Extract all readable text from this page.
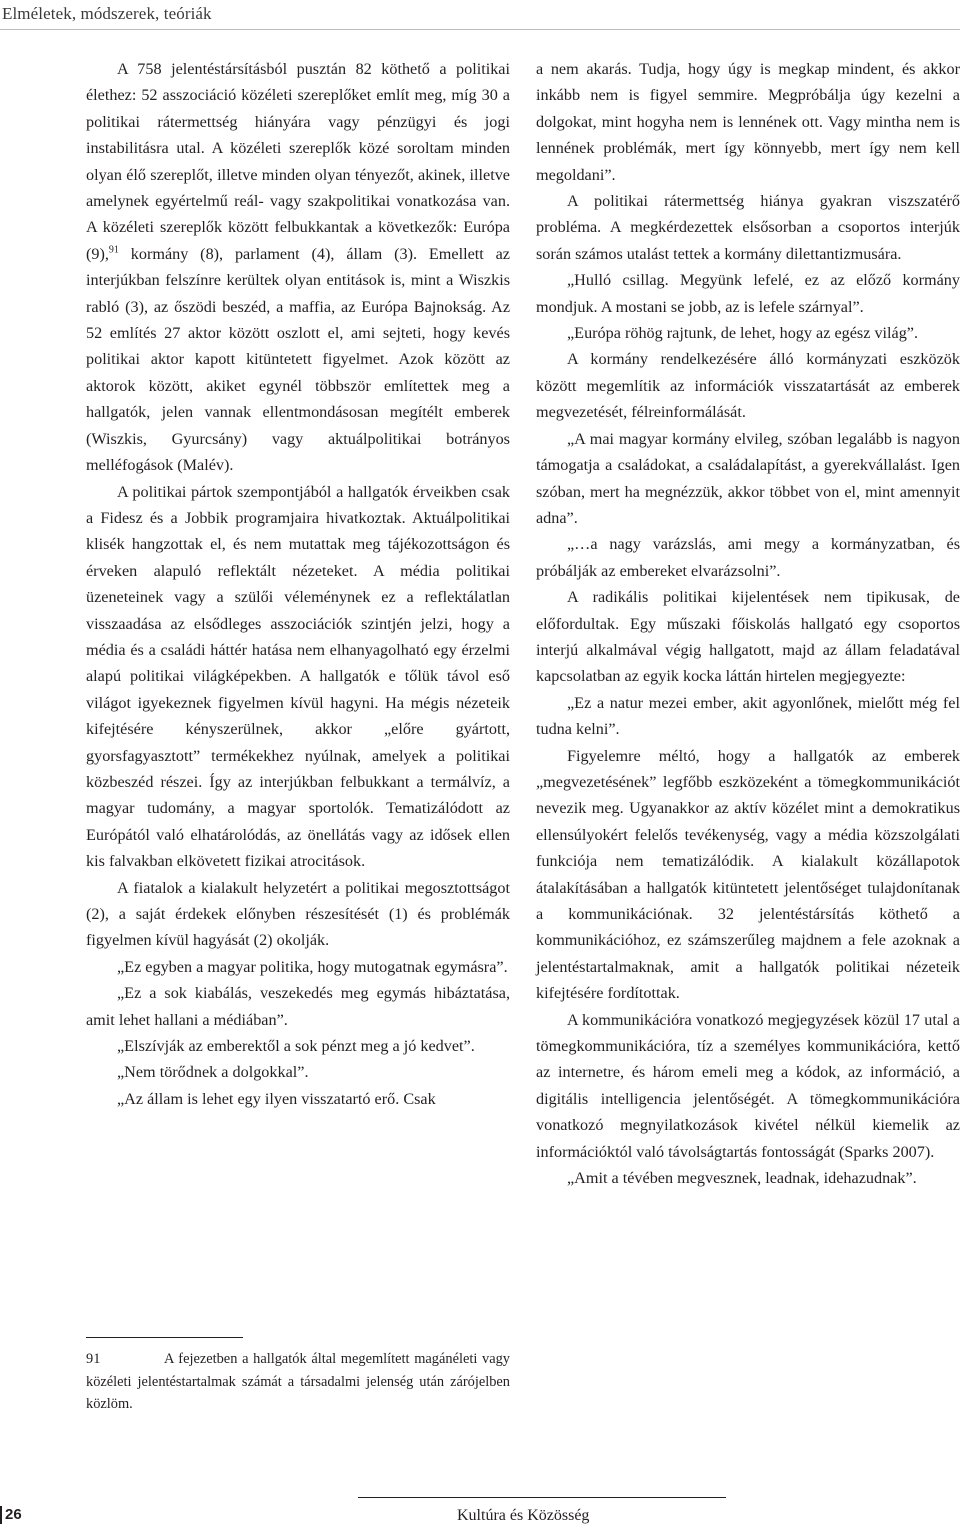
Elméletek, módszerek, teóriák

A 758 jelentéstársításból pusztán 82 köthető a politikai élethez: 52 asszociáció közéleti szereplőket említ meg, míg 30 a politikai rátermettség hiányára vagy pénzügyi és jogi instabilitásra utal. A közéleti szereplők közé soroltam minden olyan élő szereplőt, illetve minden olyan tényezőt, akinek, illetve amelynek egyértelmű reál- vagy szakpolitikai vonatkozása van. A közéleti szereplők között felbukkantak a következők: Európa (9),$^{91}$ kormány (8), parlament (4), állam (3). Emellett az interjúkban felszínre kerültek olyan entitások is, mint a Wiszkis rabló (3), az őszödi beszéd, a maffia, az Európa Bajnokság. Az 52 említés 27 aktor között oszlott el, ami sejteti, hogy kevés politikai aktor kapott kitüntetett figyelmet. Azok között az aktorok között, akiket egynél többször említettek meg a hallgatók, jelen vannak ellentmondásosan megítélt emberek (Wiszkis, Gyurcsány) vagy aktuálpolitikai botrányos melléfogások (Malév).

A politikai pártok szempontjából a hallgatók érveikben csak a Fidesz és a Jobbik programjaira hivatkoztak. Aktuálpolitikai klisék hangzottak el, és nem mutattak meg tájékozottságon és érveken alapuló reflektált nézeteket. A média politikai üzeneteinek vagy a szülői véleménynek ez a reflektálatlan visszaadása az elsődleges asszociációk szintjén jelzi, hogy a média és a családi háttér hatása nem elhanyagolható egy érzelmi alapú politikai világképekben. A hallgatók e tőlük távol eső világot igyekeznek figyelmen kívül hagyni. Ha mégis nézeteik kifejtésére kényszerülnek, akkor „előre gyártott, gyorsfagyasztott” termékekhez nyúlnak, amelyek a politikai közbeszéd részei. Így az interjúkban felbukkant a termálvíz, a magyar tudomány, a magyar sportolók. Tematizálódott az Európától való elhatárolódás, az önellátás vagy az idősek ellen kis falvakban elkövetett fizikai atrocitások.

A fiatalok a kialakult helyzetért a politikai megosztottságot (2), a saját érdekek előnyben részesítését (1) és problémák figyelmen kívül hagyását (2) okolják.

„Ez egyben a magyar politika, hogy mutogatnak egymásra”.

„Ez a sok kiabálás, veszekedés meg egymás hibáztatása, amit lehet hallani a médiában”.

„Elszívják az emberektől a sok pénzt meg a jó kedvet”.

„Nem törődnek a dolgokkal”.

„Az állam is lehet egy ilyen visszatartó erő. Csak

91	A fejezetben a hallgatók által megemlített magánéleti vagy közéleti jelentéstartalmak számát a társadalmi jelenség után zárójelben közlöm.

a nem akarás. Tudja, hogy úgy is megkap mindent, és akkor inkább nem is figyel semmire. Megpróbálja úgy kezelni a dolgokat, mint hogyha nem is lennének ott. Vagy mintha nem is lennének problémák, mert így könnyebb, mert így nem kell megoldani”.

A politikai rátermettség hiánya gyakran viszszatérő probléma. A megkérdezettek elsősorban a csoportos interjúk során számos utalást tettek a kormány dilettantizmusára.

„Hulló csillag. Megyünk lefelé, ez az előző kormány mondjuk. A mostani se jobb, az is lefele szárnyal”.

„Európa röhög rajtunk, de lehet, hogy az egész világ”.

A kormány rendelkezésére álló kormányzati eszközök között megemlítik az információk visszatartását az emberek megvezetését, félreinformálását.

„A mai magyar kormány elvileg, szóban legalább is nagyon támogatja a családokat, a családalapítást, a gyerekvállalást. Igen szóban, mert ha megnézzük, akkor többet von el, mint amennyit adna”.

„…a nagy varázslás, ami megy a kormányzatban, és próbálják az embereket elvarázsolni”.

A radikális politikai kijelentések nem tipikusak, de előfordultak. Egy műszaki főiskolás hallgató egy csoportos interjú alkalmával végig hallgatott, majd az állam feladatával kapcsolatban az egyik kocka láttán hirtelen megjegyezte:

„Ez a natur mezei ember, akit agyonlőnek, mielőtt még fel tudna kelni”.

Figyelemre méltó, hogy a hallgatók az emberek „megvezetésének” legfőbb eszközeként a tömegkommunikációt nevezik meg. Ugyanakkor az aktív közélet mint a demokratikus ellensúlyokért felelős tevékenység, vagy a média közszolgálati funkciója nem tematizálódik. A kialakult közállapotok átalakításában a hallgatók kitüntetett jelentőséget tulajdonítanak a kommunikációnak. 32 jelentéstársítás köthető a kommunikációhoz, ez számszerűleg majdnem a fele azoknak a jelentéstartalmaknak, amit a hallgatók politikai nézeteik kifejtésére fordítottak.

A kommunikációra vonatkozó megjegyzések közül 17 utal a tömegkommunikációra, tíz a személyes kommunikációra, kettő az internetre, és három emeli meg a kódok, az információ, a digitális intelligencia jelentőségét. A tömegkommunikációra vonatkozó megnyilatkozások kivétel nélkül kiemelik az információktól való távolságtartás fontosságát (Sparks 2007).

„Amit a tévében megvesznek, leadnak, idehazudnak”.

26	Kultúra és Közösség
